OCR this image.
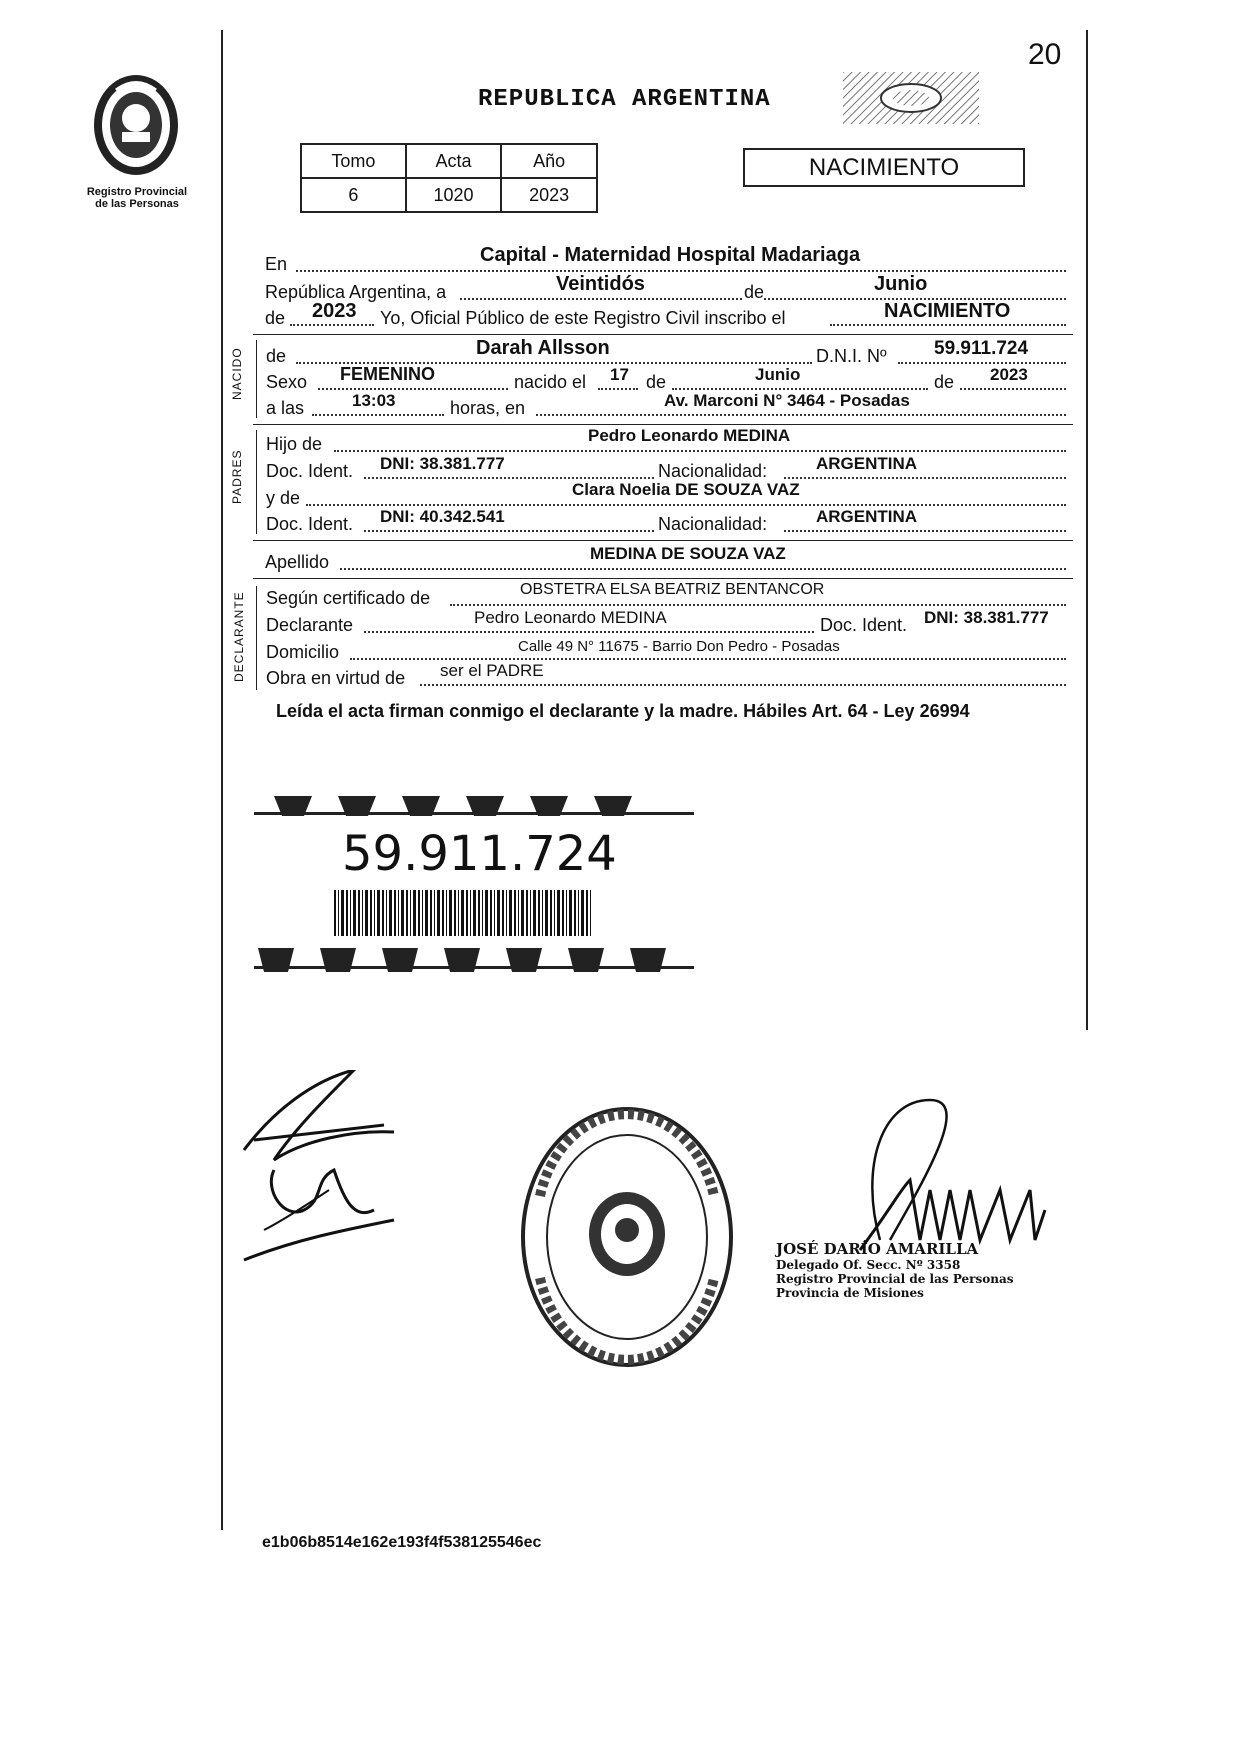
Registro Provincial
de las Personas
20
REPUBLICA ARGENTINA
Tomo	Acta	Año
6	1020	2023
NACIMIENTO
En	Capital - Maternidad Hospital Madariaga
República Argentina, a	Veintidós	de	Junio
de 2023 Yo, Oficial Público de este Registro Civil inscribo el	NACIMIENTO
NACIDO de	Darah Allsson	D.N.I. Nº 59.911.724
Sexo FEMENINO	nacido el 17 de	Junio	de 2023
a las	13:03	horas, en	Av. Marconi N° 3464 - Posadas
PADRES
Hijo de	Pedro Leonardo MEDINA
Doc. Ident. DNI: 38.381.777	Nacionalidad:	ARGENTINA
y de	Clara Noelia DE SOUZA VAZ
Doc. Ident. DNI: 40.342.541	Nacionalidad:	ARGENTINA
Apellido	MEDINA DE SOUZA VAZ
DECLARANTE Según certificado de	OBSTETRA ELSA BEATRIZ BENTANCOR
Declarante	Pedro Leonardo MEDINA	Doc. Ident. DNI: 38.381.777
Domicilio	Calle 49 N° 11675 - Barrio Don Pedro - Posadas
Obra en virtud de ser el PADRE
Leída el acta firman conmigo el declarante y la madre. Hábiles Art. 64 - Ley 26994
59.911.724
JOSÉ DARÍO AMARILLA
Delegado Of. Secc. Nº 3358
Registro Provincial de las Personas
Provincia de Misiones
e1b06b8514e162e193f4f538125546ec
